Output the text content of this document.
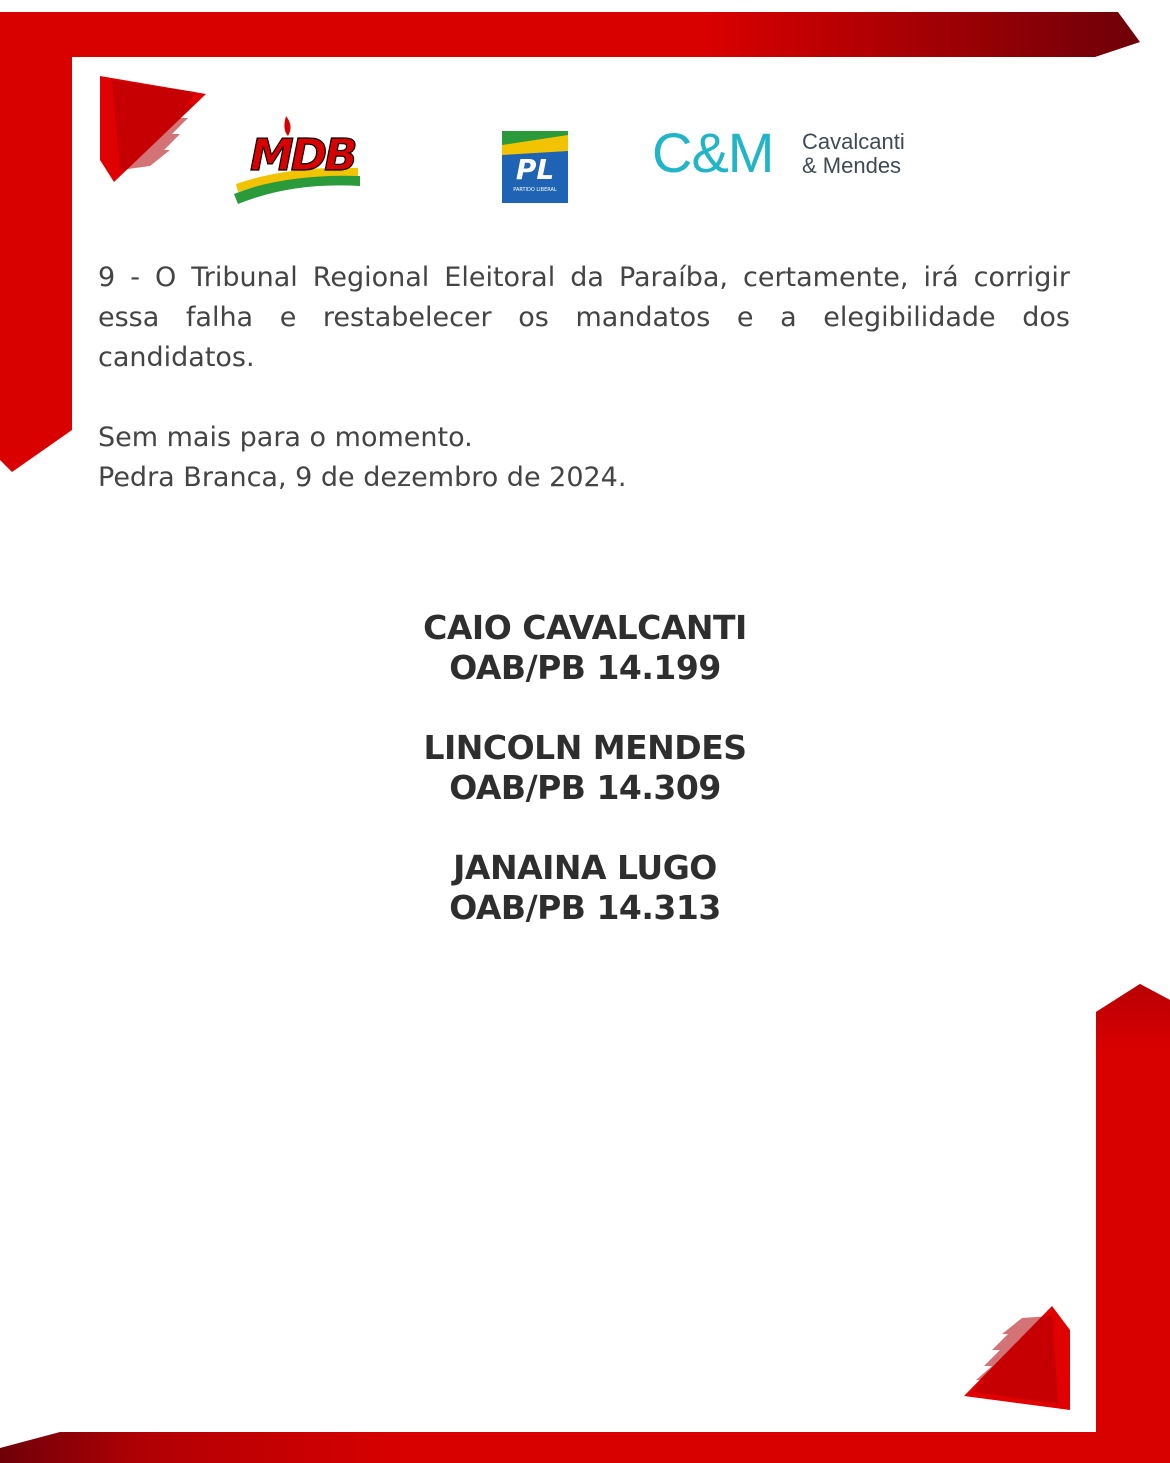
MDB	PL
PARTIDO LIBERAL
C&M Cavalcanti
& Mendes

9 - O Tribunal Regional Eleitoral da Paraíba, certamente, irá corrigir essa falha e restabelecer os mandatos e a elegibilidade dos candidatos.

Sem mais para o momento.
Pedra Branca, 9 de dezembro de 2024.
CAIO CAVALCANTI
OAB/PB 14.199
LINCOLN MENDES
OAB/PB 14.309
JANAINA LUGO
OAB/PB 14.313
